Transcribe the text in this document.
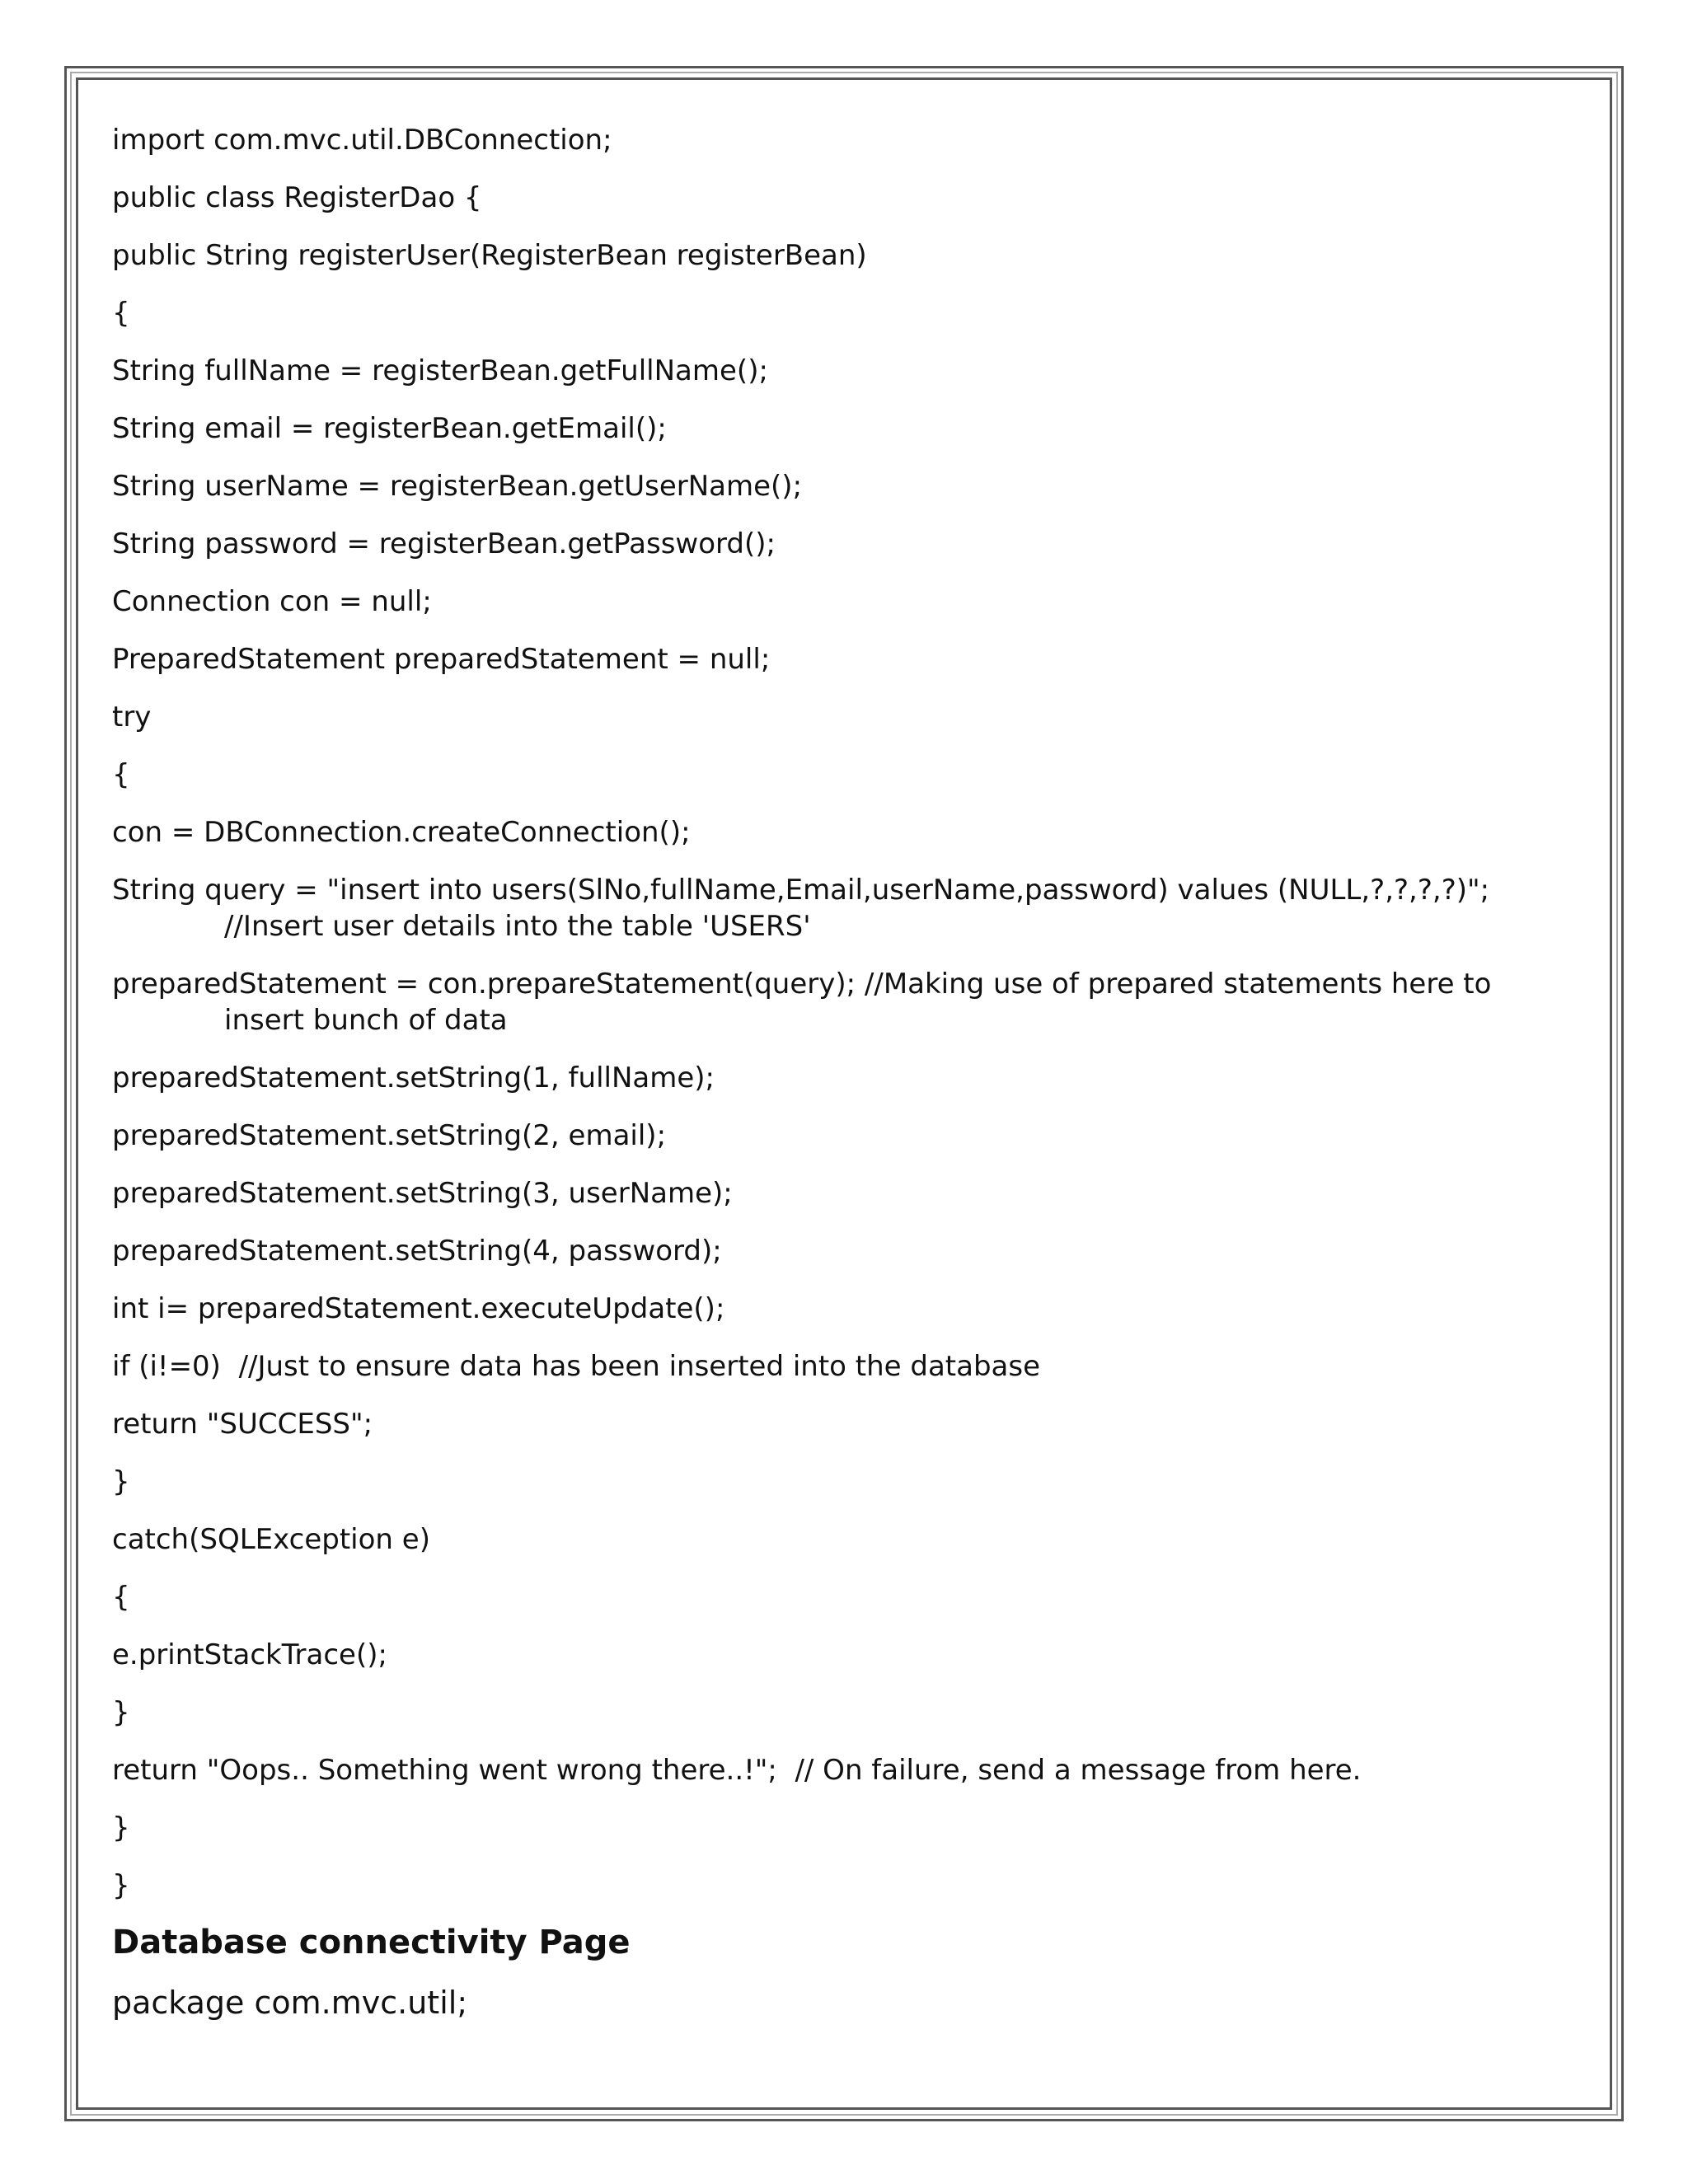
import com.mvc.util.DBConnection;
public class RegisterDao {
public String registerUser(RegisterBean registerBean)
{
String fullName = registerBean.getFullName();
String email = registerBean.getEmail();
String userName = registerBean.getUserName();
String password = registerBean.getPassword();
Connection con = null;
PreparedStatement preparedStatement = null;
try
{
con = DBConnection.createConnection();
String query = "insert into users(SlNo,fullName,Email,userName,password) values (NULL,?,?,?,?)";
//Insert user details into the table 'USERS'
preparedStatement = con.prepareStatement(query); //Making use of prepared statements here to
insert bunch of data
preparedStatement.setString(1, fullName);
preparedStatement.setString(2, email);
preparedStatement.setString(3, userName);
preparedStatement.setString(4, password);
int i= preparedStatement.executeUpdate();
if (i!=0)  //Just to ensure data has been inserted into the database
return "SUCCESS";
}
catch(SQLException e)
{
e.printStackTrace();
}
return "Oops.. Something went wrong there..!";  // On failure, send a message from here.
}
}
Database connectivity Page
package com.mvc.util;
